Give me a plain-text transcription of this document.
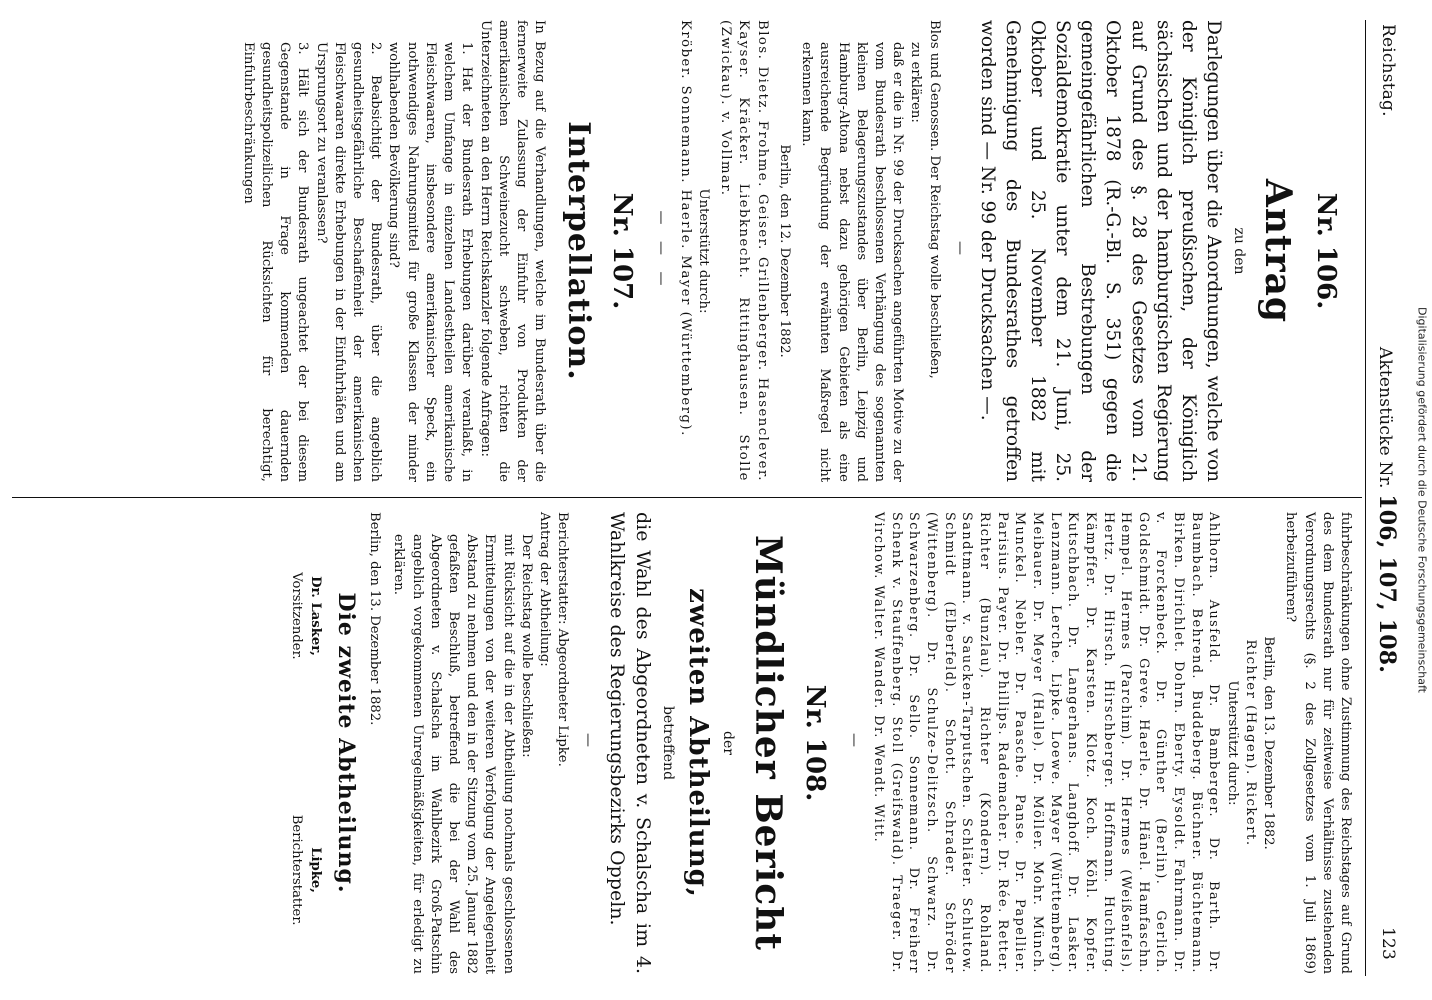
Reichstag.
Aktenstücke Nr. 106, 107, 108.
123
Nr. 106.
Antrag
zu den
Darlegungen über die Anordnungen, welche von der Königlich preußischen, der Königlich sächsischen und der hamburgischen Regierung auf Grund des §. 28 des Gesetzes vom 21. Oktober 1878 (R.-G.-Bl. S. 351) gegen die gemeingefährlichen Bestrebungen der Sozialdemokratie unter dem 21. Juni, 25. Oktober und 25. November 1882 mit Genehmigung des Bundesrathes getroffen worden sind — Nr. 99 der Drucksachen —.
—
Blos und Genossen. Der Reichstag wolle beschließen,
zu erklären:
daß er die in Nr. 99 der Drucksachen angeführten Motive zu der vom Bundesrath beschlossenen Verhängung des sogenannten kleinen Belagerungszustandes über Berlin, Leipzig und Hamburg-Altona nebst dazu gehörigen Gebieten als eine ausreichende Begründung der erwähnten Maßregel nicht erkennen kann.
Berlin, den 12. Dezember 1882.
Blos. Dietz. Frohme. Geiser. Grillenberger. Hasenclever. Kayser. Kräcker. Liebknecht. Rittinghausen. Stolle (Zwickau). v. Vollmar.
Unterstützt durch:
Kröber. Sonnemann. Haerle. Mayer (Württemberg).
— — —
Nr. 107.
Interpellation.
In Bezug auf die Verhandlungen, welche im Bundesrath über die fernerweite Zulassung der Einfuhr von Produkten der amerikanischen Schweinezucht schweben, richten die Unterzeichneten an den Herrn Reichskanzler folgende Anfragen:
1. Hat der Bundesrath Erhebungen darüber veranlaßt, in welchem Umfange in einzelnen Landestheilen amerikanische Fleischwaaren, insbesondere amerikanischer Speck, ein nothwendiges Nahrungsmittel für große Klassen der minder wohlhabenden Bevölkerung sind?
2. Beabsichtigt der Bundesrath, über die angeblich gesundheitsgefährliche Beschaffenheit der amerikanischen Fleischwaaren direkte Erhebungen in der Einfuhrhäfen und am Ursprungsort zu veranlassen?
3. Hält sich der Bundesrath ungeachtet der bei diesem Gegenstande in Frage kommenden dauernden gesundheitspolizeilichen Rücksichten für berechtigt, Einfuhrbeschränkungen
fuhrbeschränkungen ohne Zustimmung des Reichstages auf Grund des dem Bundesrath nur für zeitweise Verhältnisse zustehenden Verordnungsrechts (§. 2 des Zollgesetzes vom 1. Juli 1869) herbeizuführen?
Berlin, den 13. Dezember 1882.
Richter (Hagen). Rickert.
Unterstützt durch:
Ahlhorn. Ausfeld. Dr. Bamberger. Dr. Barth. Dr. Baumbach. Behrend. Buddeberg. Büchner. Büchtemann. Birken. Dirichlet. Dohrn. Eberty. Eysoldt. Fahrmann. Dr. v. Forckenbeck. Dr. Günther (Berlin). Gerlich. Goldschmidt. Dr. Greve. Haerle. Dr. Hänel. Hamfaschn. Hempel. Hermes (Parchim). Dr. Hermes (Weißenfels). Hertz. Dr. Hirsch. Hirschberger. Hoffmann. Huchting. Kämpffer. Dr. Karsten. Klotz. Koch. Köhl. Kopfer. Kutschbach. Dr. Langerhans. Langhoff. Dr. Lasker. Lenzmann. Lerche. Lipke. Loewe. Mayer (Württemberg). Meibauer. Dr. Meyer (Halle). Dr. Möller. Mohr. Münch. Munckel. Nebler. Dr. Paasche. Panse. Dr. Papellier. Parisius. Payer. Dr. Phillips. Rademacher. Dr. Rée. Retter. Richter (Bunzlau). Richter (Kondern). Rohland. Sandtmann. v. Saucken-Tarputschen. Schläter. Schlutow. Schmidt (Elberfeld). Schott. Schrader. Schröder (Wittenberg). Dr. Schulze-Delitzsch. Schwarz. Dr. Schwarzenberg. Dr. Sello. Sonnemann. Dr. Freiherr Schenk v. Stauffenberg. Stoll (Greifswald). Traeger. Dr. Virchow. Walter. Wander. Dr. Wendt. Witt.
—
Nr. 108.
Mündlicher Bericht
der
zweiten Abtheilung,
betreffend
die Wahl des Abgeordneten v. Schalscha im 4. Wahlkreise des Regierungsbezirks Oppeln.
—
Berichterstatter: Abgeordneter Lipke.
Antrag der Abtheilung:
Der Reichstag wolle beschließen:
mit Rücksicht auf die in der Abtheilung nochmals geschlossenen Ermittelungen von der weiteren Verfolgung der Angelegenheit Abstand zu nehmen und den in der Sitzung vom 25. Januar 1882 gefaßten Beschluß, betreffend die bei der Wahl des Abgeordneten v. Schalscha im Wahlbezirk Groß-Patschin angeblich vorgekommenen Unregelmäßigkeiten, für erledigt zu erklären.
Berlin, den 13. Dezember 1882.
Die zweite Abtheilung.
Dr. Lasker,
Vorsitzender.
Lipke,
Berichterstatter.
Digitalisierung gefördert durch die Deutsche Forschungsgemeinschaft
